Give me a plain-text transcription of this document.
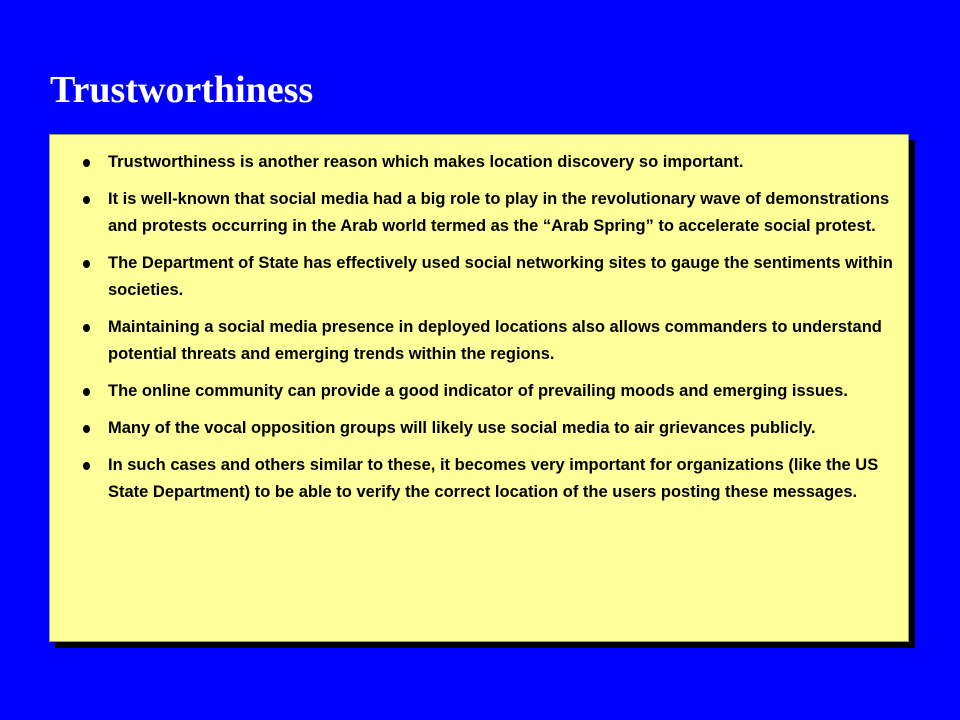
Trustworthiness
Trustworthiness is another reason which makes location discovery so important.
It is well-known that social media had a big role to play in the revolutionary wave of demonstrations and protests occurring in the Arab world termed as the “Arab Spring” to accelerate social protest.
The Department of State has effectively used social networking sites to gauge the sentiments within societies.
Maintaining a social media presence in deployed locations also allows commanders to understand potential threats and emerging trends within the regions.
The online community can provide a good indicator of prevailing moods and emerging issues.
Many of the vocal opposition groups will likely use social media to air grievances publicly.
In such cases and others similar to these, it becomes very important for organizations (like the US State Department) to be able to verify the correct location of the users posting these messages.
